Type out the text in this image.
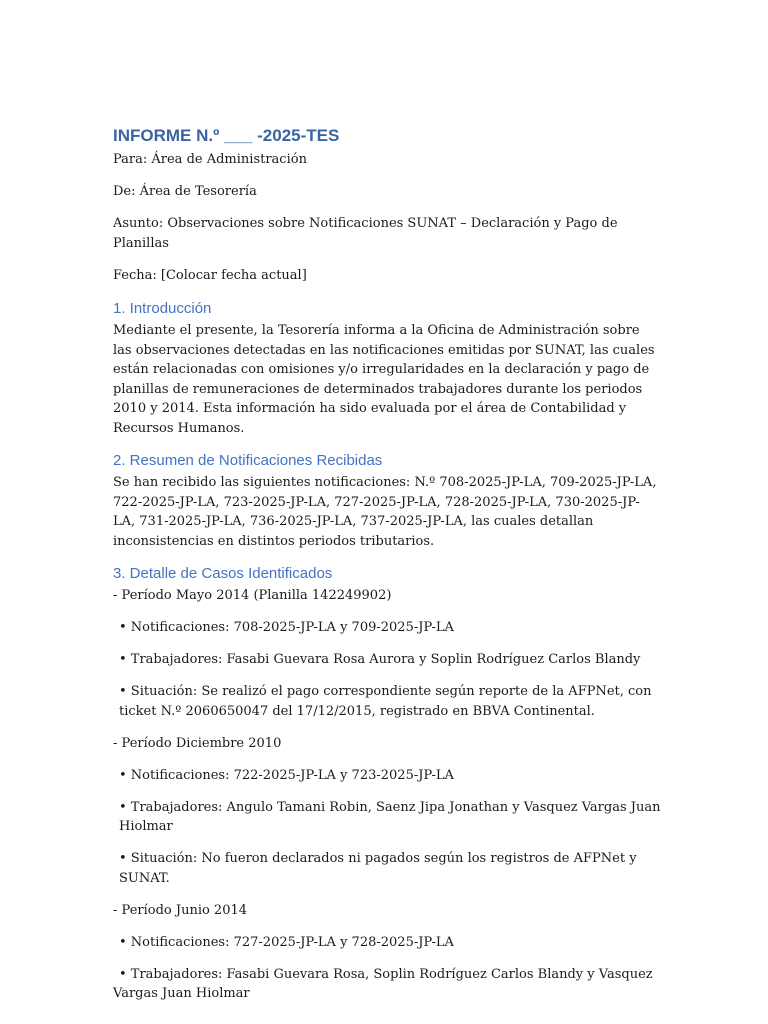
INFORME N.º ___ -2025-TES
Para: Área de Administración
De: Área de Tesorería
Asunto: Observaciones sobre Notificaciones SUNAT – Declaración y Pago de Planillas
Fecha: [Colocar fecha actual]
1. Introducción
Mediante el presente, la Tesorería informa a la Oficina de Administración sobre las observaciones detectadas en las notificaciones emitidas por SUNAT, las cuales están relacionadas con omisiones y/o irregularidades en la declaración y pago de planillas de remuneraciones de determinados trabajadores durante los periodos 2010 y 2014. Esta información ha sido evaluada por el área de Contabilidad y Recursos Humanos.
2. Resumen de Notificaciones Recibidas
Se han recibido las siguientes notificaciones: N.º 708-2025-JP-LA, 709-2025-JP-LA, 722-2025-JP-LA, 723-2025-JP-LA, 727-2025-JP-LA, 728-2025-JP-LA, 730-2025-JP-LA, 731-2025-JP-LA, 736-2025-JP-LA, 737-2025-JP-LA, las cuales detallan inconsistencias en distintos periodos tributarios.
3. Detalle de Casos Identificados
- Período Mayo 2014 (Planilla 142249902)
• Notificaciones: 708-2025-JP-LA y 709-2025-JP-LA
• Trabajadores: Fasabi Guevara Rosa Aurora y Soplin Rodríguez Carlos Blandy
• Situación: Se realizó el pago correspondiente según reporte de la AFPNet, con ticket N.º 2060650047 del 17/12/2015, registrado en BBVA Continental.
- Período Diciembre 2010
• Notificaciones: 722-2025-JP-LA y 723-2025-JP-LA
• Trabajadores: Angulo Tamani Robin, Saenz Jipa Jonathan y Vasquez Vargas Juan Hiolmar
• Situación: No fueron declarados ni pagados según los registros de AFPNet y SUNAT.
- Período Junio 2014
• Notificaciones: 727-2025-JP-LA y 728-2025-JP-LA
• Trabajadores: Fasabi Guevara Rosa, Soplin Rodríguez Carlos Blandy y Vasquez Vargas Juan Hiolmar
